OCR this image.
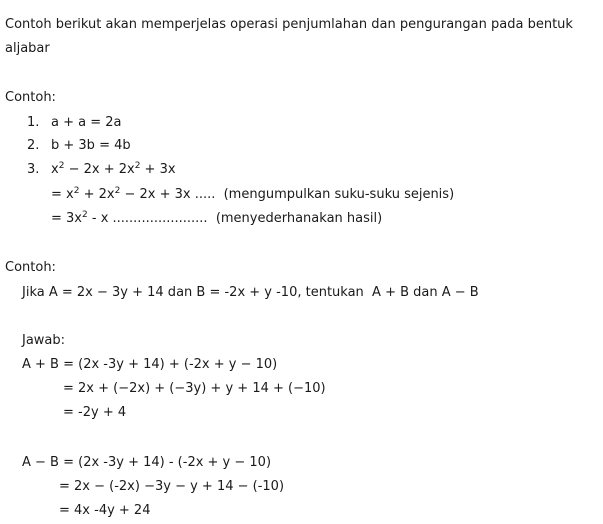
Contoh berikut akan memperjelas operasi penjumlahan dan pengurangan pada bentuk
aljabar
Contoh:
1. a + a = 2a
2. b + 3b = 4b
3. $x^2 - 2x + 2x^2 + 3x$
= $x^2 + 2x^2 - 2x + 3x$ .....  (mengumpulkan suku-suku sejenis)
= $3x^2$ - x .......................  (menyederhanakan hasil)
Contoh:
Jika A = 2x − 3y + 14 dan B = -2x + y -10, tentukan  A + B dan A − B
Jawab:
A + B = (2x -3y + 14) + (-2x + y − 10)
= 2x + (−2x) + (−3y) + y + 14 + (−10)
= -2y + 4
A − B = (2x -3y + 14) - (-2x + y − 10)
= 2x − (-2x) −3y − y + 14 − (-10)
= 4x -4y + 24
